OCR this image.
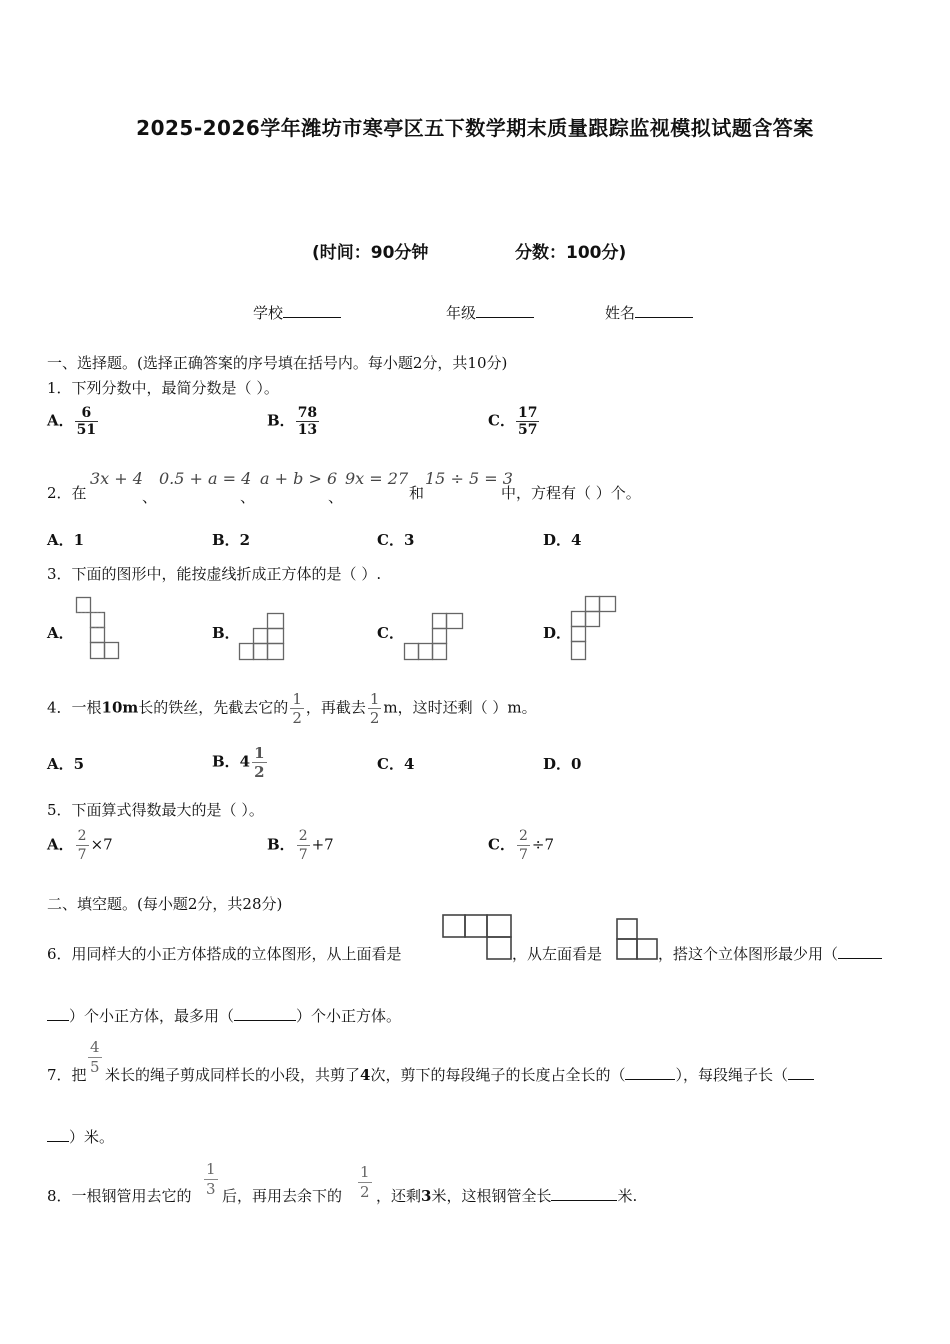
2025-2026学年潍坊市寒亭区五下数学期末质量跟踪监视模拟试题含答案
(时间：90分钟	分数：100分)
学校	年级	姓名
一、选择题。(选择正确答案的序号填在括号内。每小题2分，共10分)
1．下列分数中，最简分数是（ ）。
A． $\frac{6}{51}$	B． $\frac{78}{13}$	C． $\frac{17}{57}$
2．在
3x + 4
、
0.5 + a = 4
、
a + b > 6
、
9x = 27
和
15 ÷ 5 = 3
中，方程有（ ）个。
A．1	B．2	C．3	D．4
3．下面的图形中，能按虚线折成正方体的是（ ）.
A．	B．	C．	D．
4．一根10m长的铁丝，先截去它的 $\frac{1}{2}$ ，再截去 $\frac{1}{2}$ m，这时还剩（ ）m。
A．5	B．$4 \frac{1}{2}$	C．4	D．0
5．下面算式得数最大的是（ ）。
A． $\frac{2}{7} \times 7$	B． $\frac{2}{7} +7$	C． $\frac{2}{7} \div 7$
二、填空题。(每小题2分，共28分)
6．用同样大的小正方体搭成的立体图形，从上面看是	，从左面看是	，搭这个立体图形最少用（
）个小正方体，最多用（	）个小正方体。
7．把
4
5 米长的绳子剪成同样长的小段，共剪了4次，剪下的每段绳子的长度占全长的（	），每段绳子长（
）米。
8．一根钢管用去它的
1
3 后，再用去余下的
1
2 ，还剩3米，这根钢管全长	米.
